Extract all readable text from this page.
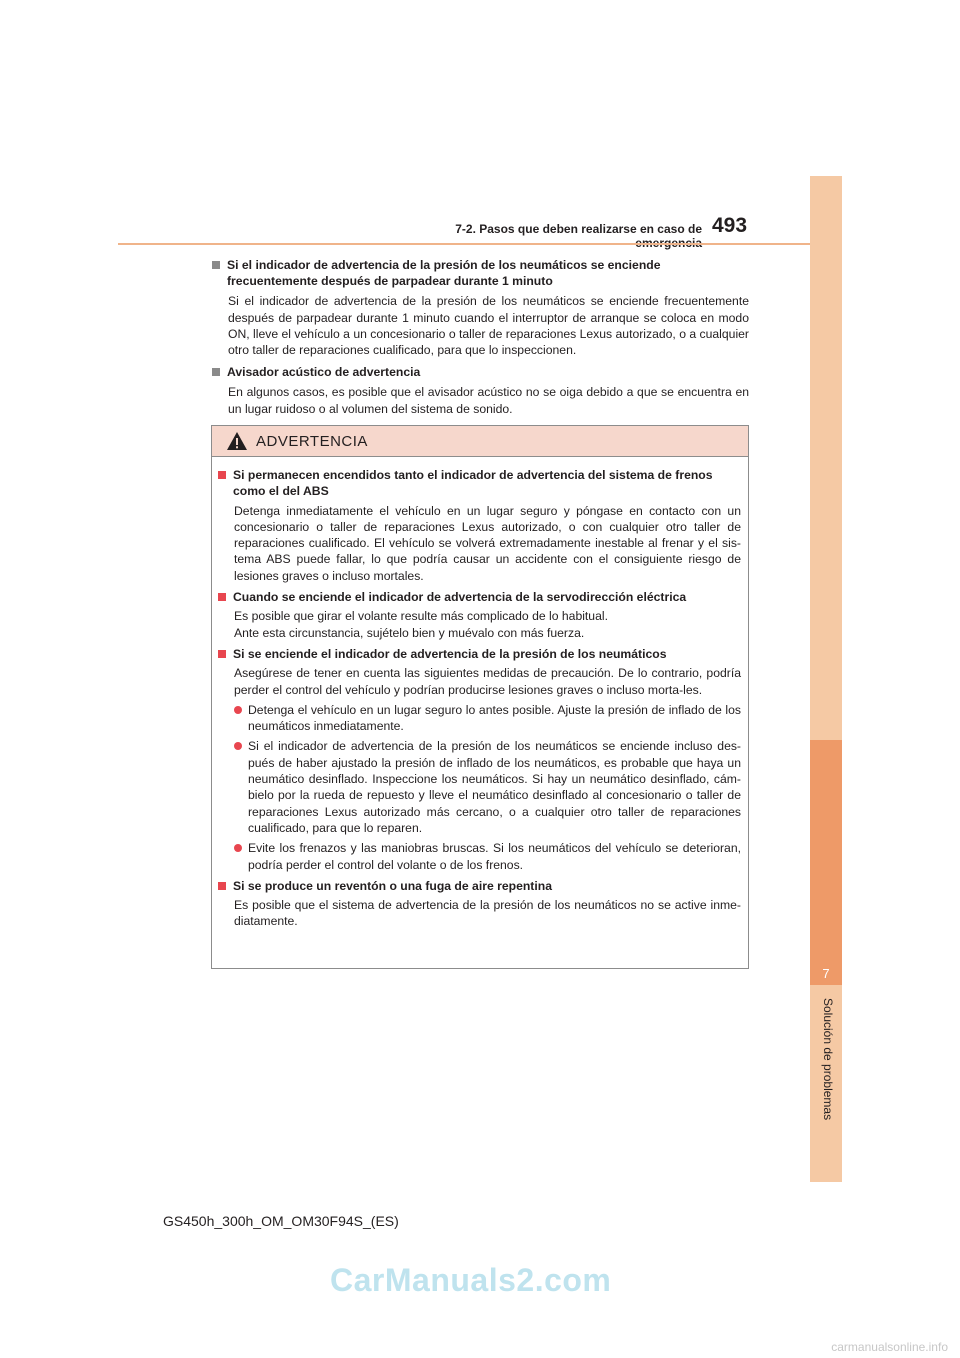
7
Solución de problemas
7-2. Pasos que deben realizarse en caso de 493
Si el indicador de advertencia de la presión de los neumáticos se enciende frecuentemente después de parpadear durante 1 minuto
Si el indicador de advertencia de la presión de los neumáticos se enciende frecuentemente después de parpadear durante 1 minuto cuando el interruptor de arranque se coloca en modo ON, lleve el vehículo a un concesionario o taller de reparaciones Lexus autorizado, o a cualquier otro taller de reparaciones cualificado, para que lo inspeccionen.
Avisador acústico de advertencia
En algunos casos, es posible que el avisador acústico no se oiga debido a que se encuentra en un lugar ruidoso o al volumen del sistema de sonido.
ADVERTENCIA
Si permanecen encendidos tanto el indicador de advertencia del sistema de frenos como el del ABS
Detenga inmediatamente el vehículo en un lugar seguro y póngase en contacto con un concesionario o taller de reparaciones Lexus autorizado, o con cualquier otro taller de reparaciones cualificado. El vehículo se volverá extremadamente inestable al frenar y el sis-tema ABS puede fallar, lo que podría causar un accidente con el consiguiente riesgo de lesiones graves o incluso mortales.
Cuando se enciende el indicador de advertencia de la servodirección eléctrica
Es posible que girar el volante resulte más complicado de lo habitual.
Ante esta circunstancia, sujételo bien y muévalo con más fuerza.
Si se enciende el indicador de advertencia de la presión de los neumáticos
Asegúrese de tener en cuenta las siguientes medidas de precaución. De lo contrario, podría perder el control del vehículo y podrían producirse lesiones graves o incluso morta-les.
Detenga el vehículo en un lugar seguro lo antes posible. Ajuste la presión de inflado de los neumáticos inmediatamente.
Si el indicador de advertencia de la presión de los neumáticos se enciende incluso des-pués de haber ajustado la presión de inflado de los neumáticos, es probable que haya un neumático desinflado. Inspeccione los neumáticos. Si hay un neumático desinflado, cám-bielo por la rueda de repuesto y lleve el neumático desinflado al concesionario o taller de reparaciones Lexus autorizado más cercano, o a cualquier otro taller de reparaciones cualificado, para que lo reparen.
Evite los frenazos y las maniobras bruscas. Si los neumáticos del vehículo se deterioran, podría perder el control del volante o de los frenos.
Si se produce un reventón o una fuga de aire repentina
Es posible que el sistema de advertencia de la presión de los neumáticos no se active inme-diatamente.
GS450h_300h_OM_OM30F94S_(ES)
CarManuals2.com
carmanualsonline.info
